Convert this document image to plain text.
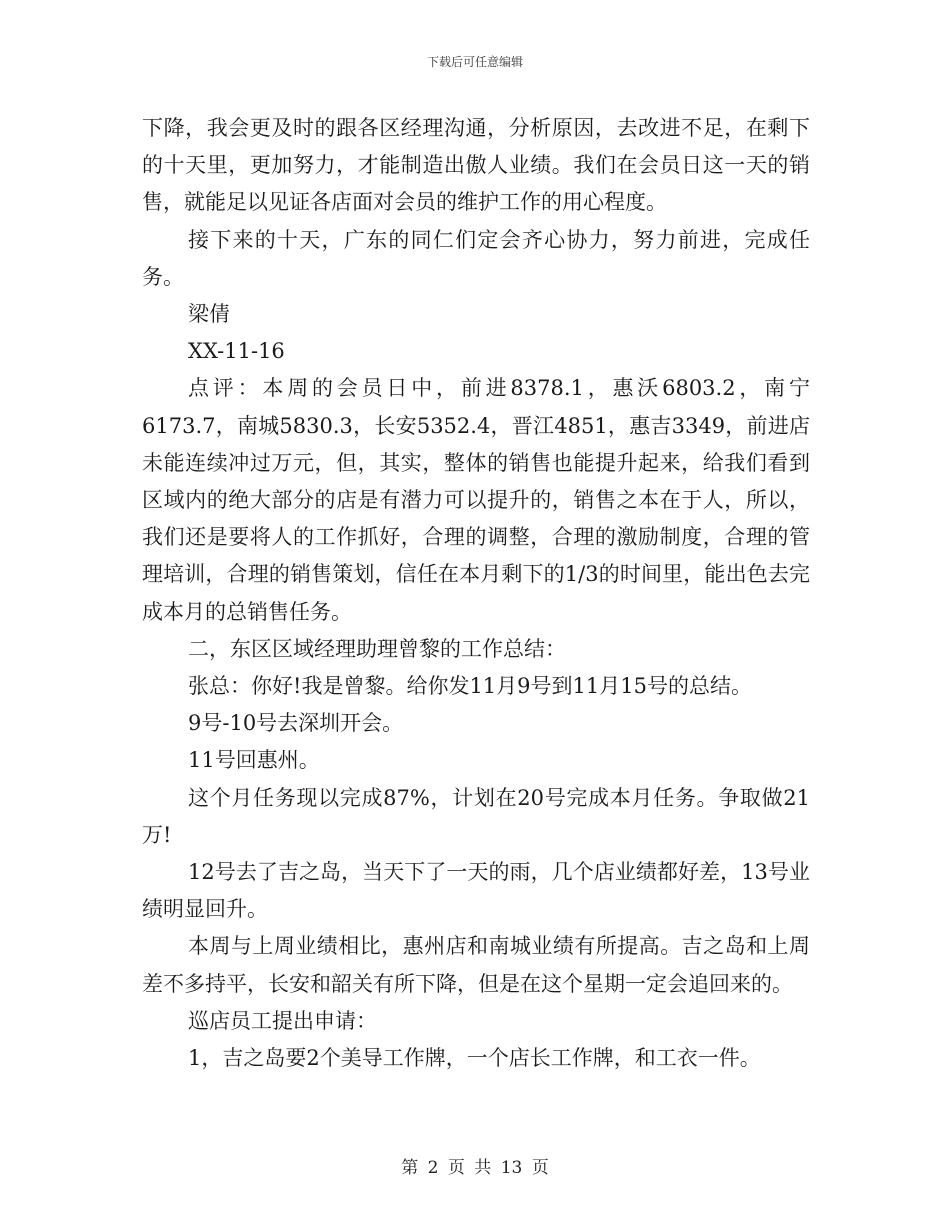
下载后可任意编辑

下降，我会更及时的跟各区经理沟通，分析原因，去改进不足，在剩下的十天里，更加努力，才能制造出傲人业绩。我们在会员日这一天的销售，就能足以见证各店面对会员的维护工作的用心程度。

接下来的十天，广东的同仁们定会齐心协力，努力前进，完成任务。

梁倩

XX-11-16

点评：本周的会员日中，前进8378.1，惠沃6803.2，南宁6173.7，南城5830.3，长安5352.4，晋江4851，惠吉3349，前进店未能连续冲过万元，但，其实，整体的销售也能提升起来，给我们看到区域内的绝大部分的店是有潜力可以提升的，销售之本在于人，所以，我们还是要将人的工作抓好，合理的调整，合理的激励制度，合理的管理培训，合理的销售策划，信任在本月剩下的1/3的时间里，能出色去完成本月的总销售任务。

二，东区区域经理助理曾黎的工作总结：

张总：你好!我是曾黎。给你发11月9号到11月15号的总结。

9号-10号去深圳开会。

11号回惠州。

这个月任务现以完成87%，计划在20号完成本月任务。争取做21万!

12号去了吉之岛，当天下了一天的雨，几个店业绩都好差，13号业绩明显回升。

本周与上周业绩相比，惠州店和南城业绩有所提高。吉之岛和上周差不多持平，长安和韶关有所下降，但是在这个星期一定会追回来的。

巡店员工提出申请：

1，吉之岛要2个美导工作牌，一个店长工作牌，和工衣一件。

第 2 页 共 13 页
